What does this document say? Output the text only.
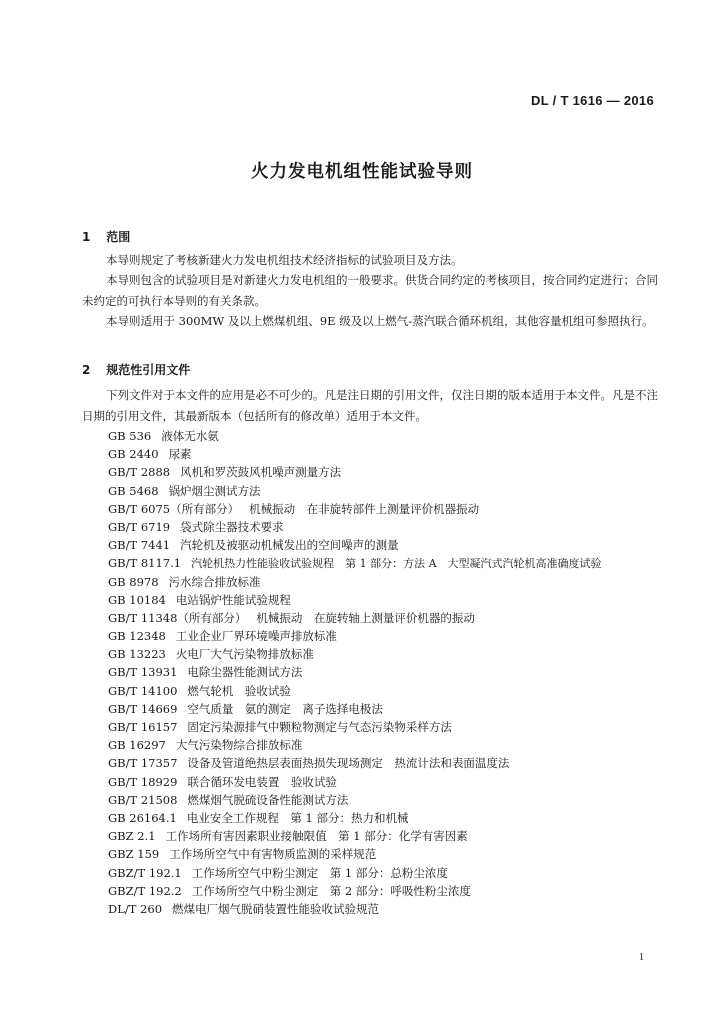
DL / T 1616 — 2016
火力发电机组性能试验导则
1 范围
本导则规定了考核新建火力发电机组技术经济指标的试验项目及方法。
本导则包含的试验项目是对新建火力发电机组的一般要求。供货合同约定的考核项目，按合同约定进行；合同未约定的可执行本导则的有关条款。
本导则适用于 300MW 及以上燃煤机组、9E 级及以上燃气-蒸汽联合循环机组，其他容量机组可参照执行。
2 规范性引用文件
下列文件对于本文件的应用是必不可少的。凡是注日期的引用文件，仅注日期的版本适用于本文件。凡是不注日期的引用文件，其最新版本（包括所有的修改单）适用于本文件。
GB 536 液体无水氨
GB 2440 尿素
GB/T 2888 风机和罗茨鼓风机噪声测量方法
GB 5468 锅炉烟尘测试方法
GB/T 6075（所有部分） 机械振动　在非旋转部件上测量评价机器振动
GB/T 6719 袋式除尘器技术要求
GB/T 7441 汽轮机及被驱动机械发出的空间噪声的测量
GB/T 8117.1 汽轮机热力性能验收试验规程　第 1 部分：方法 A　大型凝汽式汽轮机高准确度试验
GB 8978 污水综合排放标准
GB 10184 电站锅炉性能试验规程
GB/T 11348（所有部分） 机械振动　在旋转轴上测量评价机器的振动
GB 12348 工业企业厂界环境噪声排放标准
GB 13223 火电厂大气污染物排放标准
GB/T 13931 电除尘器性能测试方法
GB/T 14100 燃气轮机　验收试验
GB/T 14669 空气质量　氨的测定　离子选择电极法
GB/T 16157 固定污染源排气中颗粒物测定与气态污染物采样方法
GB 16297 大气污染物综合排放标准
GB/T 17357 设备及管道绝热层表面热损失现场测定　热流计法和表面温度法
GB/T 18929 联合循环发电装置　验收试验
GB/T 21508 燃煤烟气脱硫设备性能测试方法
GB 26164.1 电业安全工作规程　第 1 部分：热力和机械
GBZ 2.1 工作场所有害因素职业接触限值　第 1 部分：化学有害因素
GBZ 159 工作场所空气中有害物质监测的采样规范
GBZ/T 192.1 工作场所空气中粉尘测定　第 1 部分：总粉尘浓度
GBZ/T 192.2 工作场所空气中粉尘测定　第 2 部分：呼吸性粉尘浓度
DL/T 260 燃煤电厂烟气脱硝装置性能验收试验规范
1
